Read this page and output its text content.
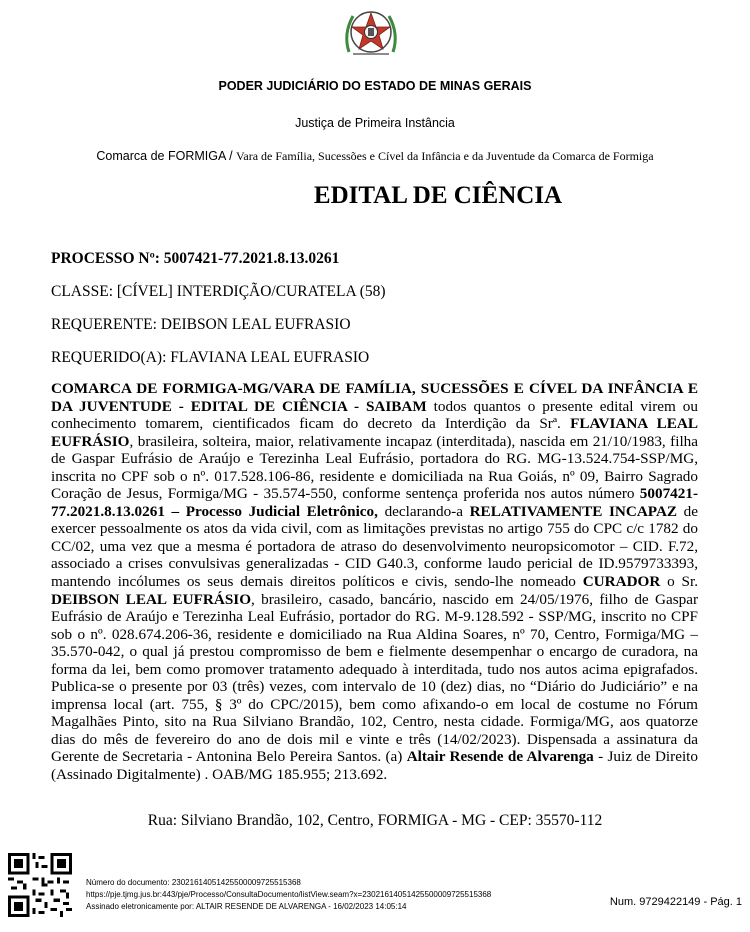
PODER JUDICIÁRIO DO ESTADO DE MINAS GERAIS
Justiça de Primeira Instância
Comarca de FORMIGA / Vara de Família, Sucessões e Cível da Infância e da Juventude da Comarca de Formiga
EDITAL DE CIÊNCIA
PROCESSO Nº: 5007421-77.2021.8.13.0261
CLASSE: [CÍVEL] INTERDIÇÃO/CURATELA (58)
REQUERENTE: DEIBSON LEAL EUFRASIO
REQUERIDO(A): FLAVIANA LEAL EUFRASIO
COMARCA DE FORMIGA-MG/VARA DE FAMÍLIA, SUCESSÕES E CÍVEL DA INFÂNCIA E DA JUVENTUDE - EDITAL DE CIÊNCIA - SAIBAM todos quantos o presente edital virem ou conhecimento tomarem, cientificados ficam do decreto da Interdição da Srª. FLAVIANA LEAL EUFRÁSIO, brasileira, solteira, maior, relativamente incapaz (interditada), nascida em 21/10/1983, filha de Gaspar Eufrásio de Araújo e Terezinha Leal Eufrásio, portadora do RG. MG-13.524.754-SSP/MG, inscrita no CPF sob o nº. 017.528.106-86, residente e domiciliada na Rua Goiás, nº 09, Bairro Sagrado Coração de Jesus, Formiga/MG - 35.574-550, conforme sentença proferida nos autos número 5007421-77.2021.8.13.0261 – Processo Judicial Eletrônico, declarando-a RELATIVAMENTE INCAPAZ de exercer pessoalmente os atos da vida civil, com as limitações previstas no artigo 755 do CPC c/c 1782 do CC/02, uma vez que a mesma é portadora de atraso do desenvolvimento neuropsicomotor – CID. F.72, associado a crises convulsivas generalizadas - CID G40.3, conforme laudo pericial de ID.9579733393, mantendo incólumes os seus demais direitos políticos e civis, sendo-lhe nomeado CURADOR o Sr. DEIBSON LEAL EUFRÁSIO, brasileiro, casado, bancário, nascido em 24/05/1976, filho de Gaspar Eufrásio de Araújo e Terezinha Leal Eufrásio, portador do RG. M-9.128.592 - SSP/MG, inscrito no CPF sob o nº. 028.674.206-36, residente e domiciliado na Rua Aldina Soares, nº 70, Centro, Formiga/MG – 35.570-042, o qual já prestou compromisso de bem e fielmente desempenhar o encargo de curadora, na forma da lei, bem como promover tratamento adequado à interditada, tudo nos autos acima epigrafados. Publica-se o presente por 03 (três) vezes, com intervalo de 10 (dez) dias, no “Diário do Judiciário” e na imprensa local (art. 755, § 3º do CPC/2015), bem como afixando-o em local de costume no Fórum Magalhães Pinto, sito na Rua Silviano Brandão, 102, Centro, nesta cidade. Formiga/MG, aos quatorze dias do mês de fevereiro do ano de dois mil e vinte e três (14/02/2023). Dispensada a assinatura da Gerente de Secretaria - Antonina Belo Pereira Santos. (a) Altair Resende de Alvarenga - Juiz de Direito (Assinado Digitalmente) . OAB/MG 185.955; 213.692.
Rua: Silviano Brandão, 102, Centro, FORMIGA - MG - CEP: 35570-112
Número do documento: 23021614051425500009725515368
https://pje.tjmg.jus.br:443/pje/Processo/ConsultaDocumento/listView.seam?x=23021614051425500009725515368
Assinado eletronicamente por: ALTAIR RESENDE DE ALVARENGA - 16/02/2023 14:05:14	Num. 9729422149 - Pág. 1
